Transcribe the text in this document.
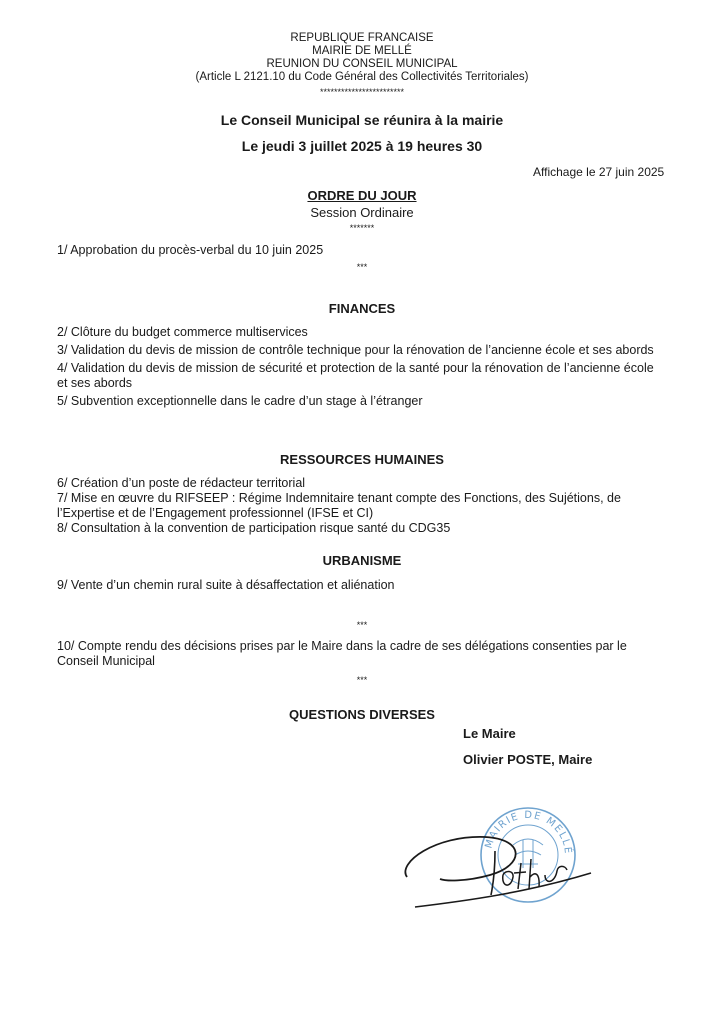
REPUBLIQUE FRANCAISE
MAIRIE DE MELLÉ
REUNION DU CONSEIL MUNICIPAL
(Article L 2121.10 du Code Général des Collectivités Territoriales)
************************
Le Conseil Municipal se réunira à la mairie
Le jeudi 3 juillet 2025 à 19 heures 30
Affichage le 27 juin 2025
ORDRE DU JOUR
Session Ordinaire
*******
1/ Approbation du procès-verbal du 10 juin 2025
***
FINANCES

2/ Clôture du budget commerce multiservices

3/ Validation du devis de mission de contrôle technique pour la rénovation de l’ancienne école et ses abords

4/ Validation du devis de mission de sécurité et protection de la santé pour la rénovation de l’ancienne école et ses abords

5/ Subvention exceptionnelle dans le cadre d’un stage à l’étranger

RESSOURCES HUMAINES

6/ Création d’un poste de rédacteur territorial

7/ Mise en œuvre du RIFSEEP : Régime Indemnitaire tenant compte des Fonctions, des Sujétions, de l’Expertise et de l’Engagement professionnel (IFSE et CI)

8/ Consultation à la convention de participation risque santé du CDG35

URBANISME
9/ Vente d’un chemin rural suite à désaffectation et aliénation
***
10/ Compte rendu des décisions prises par le Maire dans la cadre de ses délégations consenties par le Conseil Municipal
***
QUESTIONS DIVERSES
Le Maire
Olivier POSTE, Maire
MAIRIE DE MELLÉ
